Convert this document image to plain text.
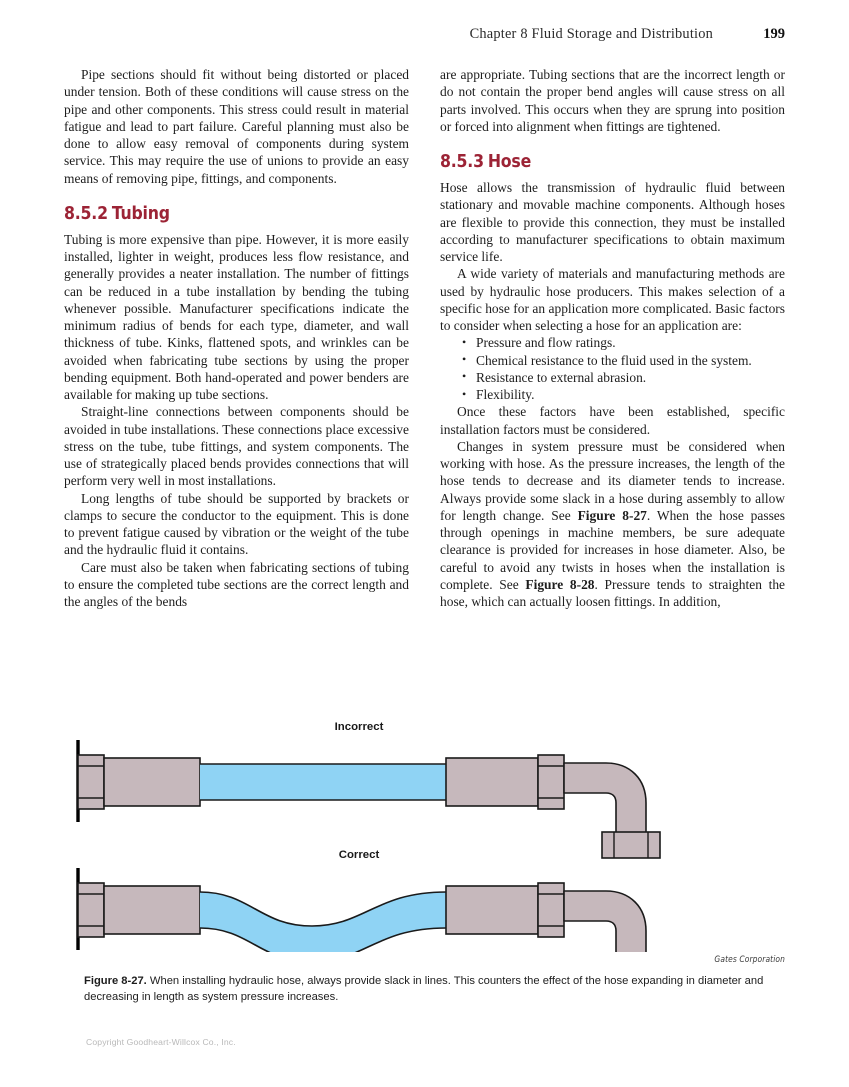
Chapter 8 Fluid Storage and Distribution	199

Pipe sections should fit without being distorted or placed under tension. Both of these conditions will cause stress on the pipe and other components. This stress could result in material fatigue and lead to part failure. Careful planning must also be done to allow easy removal of components during system service. This may require the use of unions to provide an easy means of removing pipe, fittings, and components.

8.5.2 Tubing

Tubing is more expensive than pipe. However, it is more easily installed, lighter in weight, produces less flow resistance, and generally provides a neater installation. The number of fittings can be reduced in a tube installation by bending the tubing whenever possible. Manufacturer specifications indicate the minimum radius of bends for each type, diameter, and wall thickness of tube. Kinks, flattened spots, and wrinkles can be avoided when fabricating tube sections by using the proper bending equipment. Both hand-operated and power benders are available for making up tube sections.

Straight-line connections between components should be avoided in tube installations. These connections place excessive stress on the tube, tube fittings, and system components. The use of strategically placed bends provides connections that will perform very well in most installations.

Long lengths of tube should be supported by brackets or clamps to secure the conductor to the equipment. This is done to prevent fatigue caused by vibration or the weight of the tube and the hydraulic fluid it contains.

Care must also be taken when fabricating sections of tubing to ensure the completed tube sections are the correct length and the angles of the bends

are appropriate. Tubing sections that are the incorrect length or do not contain the proper bend angles will cause stress on all parts involved. This occurs when they are sprung into position or forced into alignment when fittings are tightened.

8.5.3 Hose

Hose allows the transmission of hydraulic fluid between stationary and movable machine components. Although hoses are flexible to provide this connection, they must be installed according to manufacturer specifications to obtain maximum service life.

A wide variety of materials and manufacturing methods are used by hydraulic hose producers. This makes selection of a specific hose for an application more complicated. Basic factors to consider when selecting a hose for an application are:

• Pressure and flow ratings.
• Chemical resistance to the fluid used in the system.
• Resistance to external abrasion.
• Flexibility.

Once these factors have been established, specific installation factors must be considered.

Changes in system pressure must be considered when working with hose. As the pressure increases, the length of the hose tends to decrease and its diameter tends to increase. Always provide some slack in a hose during assembly to allow for length change. See Figure 8-27. When the hose passes through openings in machine members, be sure adequate clearance is provided for increases in hose diameter. Also, be careful to avoid any twists in hoses when the installation is complete. See Figure 8-28. Pressure tends to straighten the hose, which can actually loosen fittings. In addition,

Incorrect
Correct
Gates Corporation
Figure 8-27. When installing hydraulic hose, always provide slack in lines. This counters the effect of the hose expanding in diameter and decreasing in length as system pressure increases.
Copyright Goodheart-Willcox Co., Inc.
